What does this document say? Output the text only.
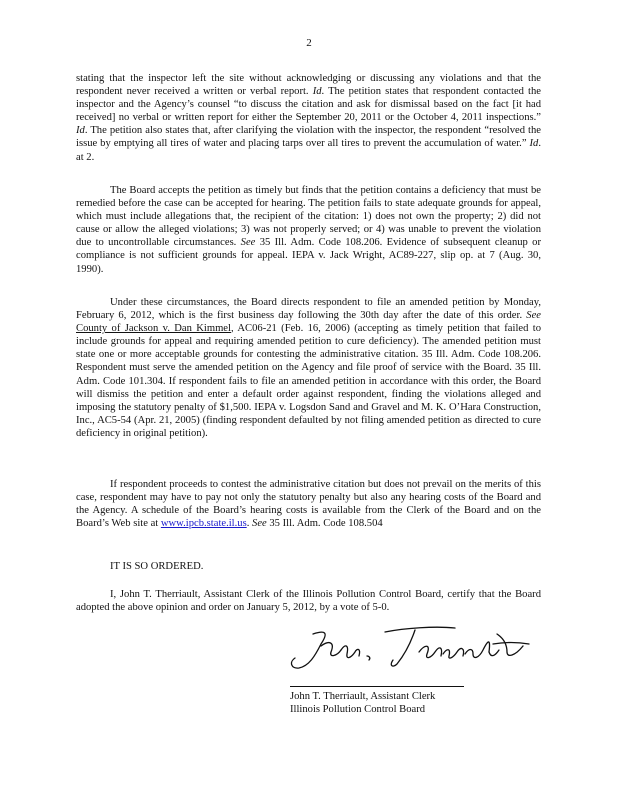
2
stating that the inspector left the site without acknowledging or discussing any violations and that the respondent never received a written or verbal report. Id. The petition states that respondent contacted the inspector and the Agency’s counsel “to discuss the citation and ask for dismissal based on the fact [it had received] no verbal or written report for either the September 20, 2011 or the October 4, 2011 inspections.” Id. The petition also states that, after clarifying the violation with the inspector, the respondent “resolved the issue by emptying all tires of water and placing tarps over all tires to prevent the accumulation of water.” Id. at 2.
The Board accepts the petition as timely but finds that the petition contains a deficiency that must be remedied before the case can be accepted for hearing. The petition fails to state adequate grounds for appeal, which must include allegations that, the recipient of the citation: 1) does not own the property; 2) did not cause or allow the alleged violations; 3) was not properly served; or 4) was unable to prevent the violation due to uncontrollable circumstances. See 35 Ill. Adm. Code 108.206. Evidence of subsequent cleanup or compliance is not sufficient grounds for appeal. IEPA v. Jack Wright, AC89-227, slip op. at 7 (Aug. 30, 1990).
Under these circumstances, the Board directs respondent to file an amended petition by Monday, February 6, 2012, which is the first business day following the 30th day after the date of this order. See County of Jackson v. Dan Kimmel, AC06-21 (Feb. 16, 2006) (accepting as timely petition that failed to include grounds for appeal and requiring amended petition to cure deficiency). The amended petition must state one or more acceptable grounds for contesting the administrative citation. 35 Ill. Adm. Code 108.206. Respondent must serve the amended petition on the Agency and file proof of service with the Board. 35 Ill. Adm. Code 101.304. If respondent fails to file an amended petition in accordance with this order, the Board will dismiss the petition and enter a default order against respondent, finding the violations alleged and imposing the statutory penalty of $1,500. IEPA v. Logsdon Sand and Gravel and M. K. O’Hara Construction, Inc., AC5-54 (Apr. 21, 2005) (finding respondent defaulted by not filing amended petition as directed to cure deficiency in original petition).
If respondent proceeds to contest the administrative citation but does not prevail on the merits of this case, respondent may have to pay not only the statutory penalty but also any hearing costs of the Board and the Agency. A schedule of the Board’s hearing costs is available from the Clerk of the Board and on the Board’s Web site at www.ipcb.state.il.us. See 35 Ill. Adm. Code 108.504
IT IS SO ORDERED.
I, John T. Therriault, Assistant Clerk of the Illinois Pollution Control Board, certify that the Board adopted the above opinion and order on January 5, 2012, by a vote of 5-0.
John T. Therriault, Assistant Clerk
Illinois Pollution Control Board
